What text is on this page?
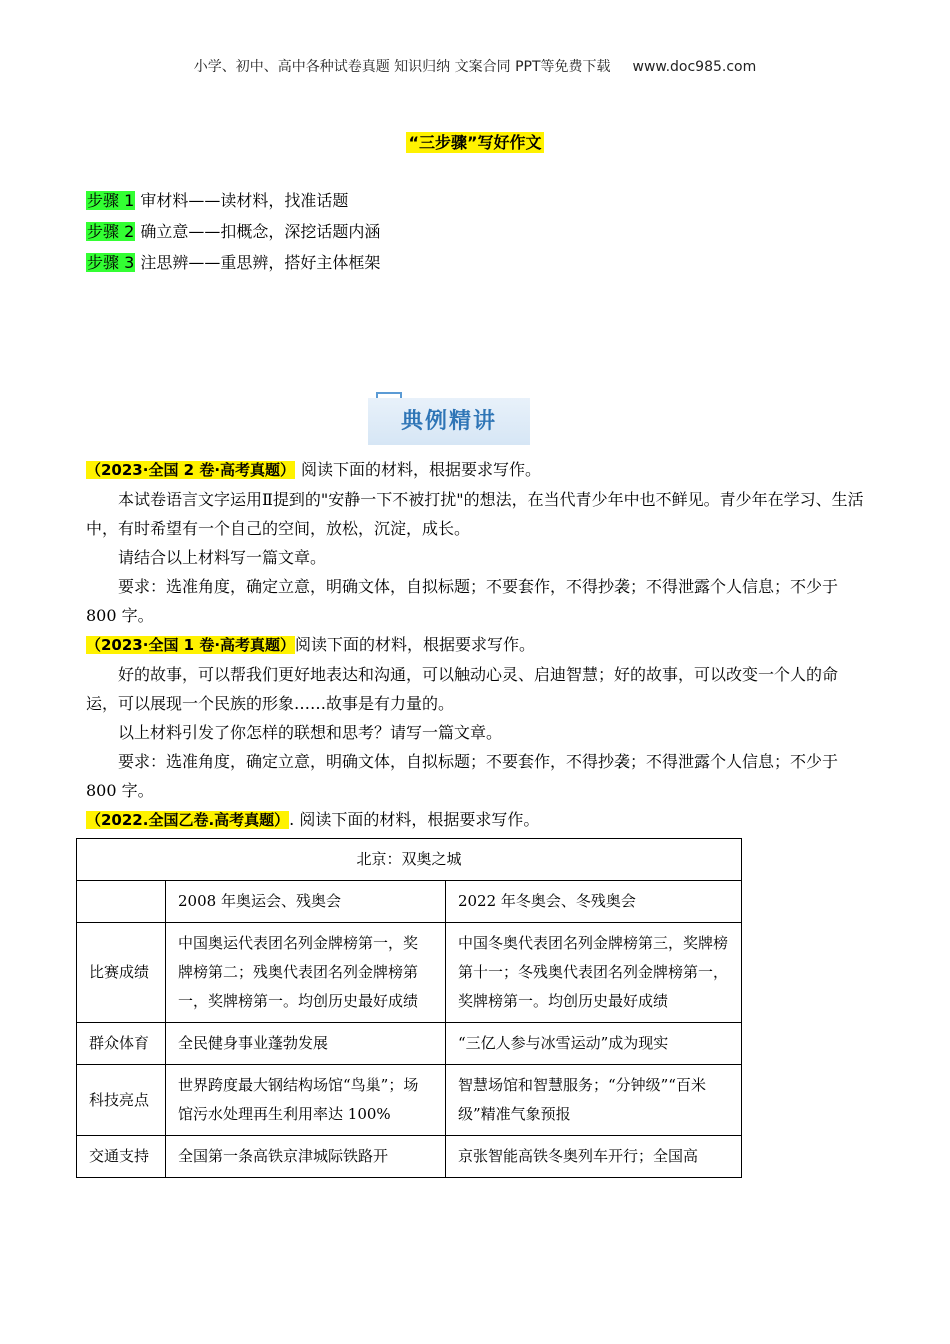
小学、初中、高中各种试卷真题 知识归纳 文案合同 PPT等免费下载 www.doc985.com
“三步骤”写好作文
步骤 1 审材料——读材料，找准话题
步骤 2 确立意——扣概念，深挖话题内涵
步骤 3 注思辨——重思辨，搭好主体框架
典例精讲
（2023·全国 2 卷·高考真题） 阅读下面的材料，根据要求写作。
本试卷语言文字运用Ⅱ提到的"安静一下不被打扰"的想法，在当代青少年中也不鲜见。青少年在学习、生活中，有时希望有一个自己的空间，放松，沉淀，成长。
请结合以上材料写一篇文章。
要求：选准角度，确定立意，明确文体，自拟标题；不要套作，不得抄袭；不得泄露个人信息；不少于 800 字。
（2023·全国 1 卷·高考真题）阅读下面的材料，根据要求写作。
好的故事，可以帮我们更好地表达和沟通，可以触动心灵、启迪智慧；好的故事，可以改变一个人的命运，可以展现一个民族的形象……故事是有力量的。
以上材料引发了你怎样的联想和思考？请写一篇文章。
要求：选准角度，确定立意，明确文体，自拟标题；不要套作，不得抄袭；不得泄露个人信息；不少于 800 字。
（2022.全国乙卷.高考真题）. 阅读下面的材料，根据要求写作。
北京：双奥之城		
	2008 年奥运会、残奥会	2022 年冬奥会、冬残奥会
比赛成绩	中国奥运代表团名列金牌榜第一，奖牌榜第二；残奥代表团名列金牌榜第一，奖牌榜第一。均创历史最好成绩	中国冬奥代表团名列金牌榜第三，奖牌榜第十一；冬残奥代表团名列金牌榜第一，奖牌榜第一。均创历史最好成绩
群众体育	全民健身事业蓬勃发展	“三亿人参与冰雪运动”成为现实
科技亮点	世界跨度最大钢结构场馆“鸟巢”；场馆污水处理再生利用率达 100%	智慧场馆和智慧服务；“分钟级”“百米级”精准气象预报
交通支持	全国第一条高铁京津城际铁路开	京张智能高铁冬奥列车开行；全国高
